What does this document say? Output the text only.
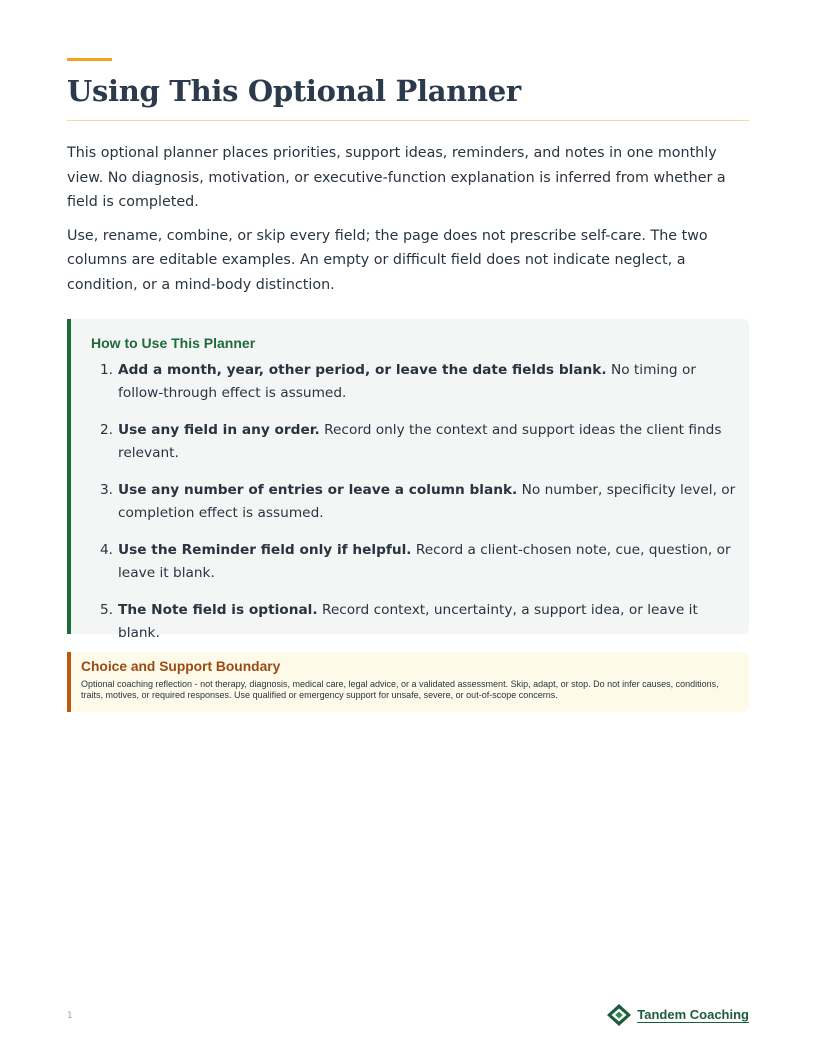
Using This Optional Planner

This optional planner places priorities, support ideas, reminders, and notes in one monthly view. No diagnosis, motivation, or executive-function explanation is inferred from whether a field is completed.

Use, rename, combine, or skip every field; the page does not prescribe self-care. The two columns are editable examples. An empty or difficult field does not indicate neglect, a condition, or a mind-body distinction.

How to Use This Planner
1. Add a month, year, other period, or leave the date fields blank. No timing or follow-through effect is assumed.
2. Use any field in any order. Record only the context and support ideas the client finds relevant.
3. Use any number of entries or leave a column blank. No number, specificity level, or completion effect is assumed.
4. Use the Reminder field only if helpful. Record a client-chosen note, cue, question, or leave it blank.
5. The Note field is optional. Record context, uncertainty, a support idea, or leave it blank.
Choice and Support Boundary

Optional coaching reflection - not therapy, diagnosis, medical care, legal advice, or a validated assessment. Skip, adapt, or stop. Do not infer causes, conditions, traits, motives, or required responses. Use qualified or emergency support for unsafe, severe, or out-of-scope concerns.

1	Tandem Coaching
